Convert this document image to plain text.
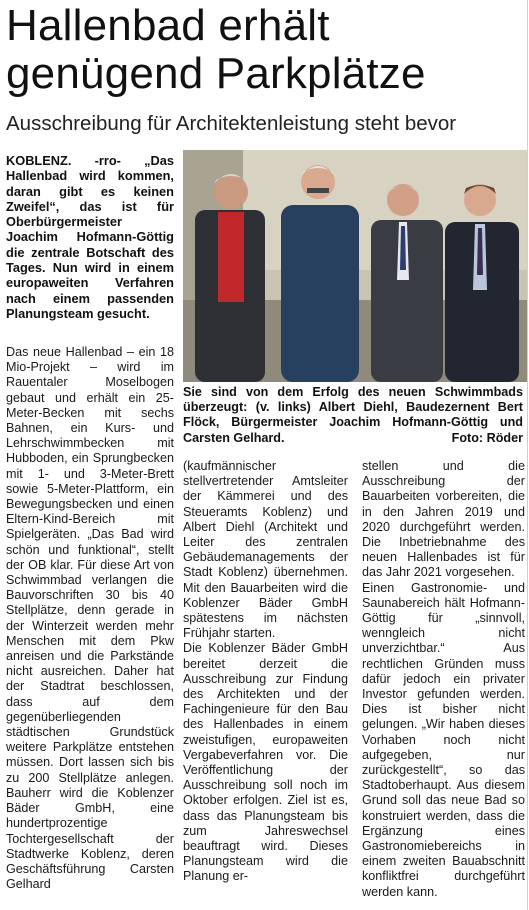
Hallenbad erhält
genügend Parkplätze

Ausschreibung für Architektenleistung steht bevor

KOBLENZ. -rro- „Das Hallenbad wird kommen, daran gibt es keinen Zweifel“, das ist für Oberbürgermeister Joachim Hofmann-Göttig die zentrale Botschaft des Tages. Nun wird in einem europaweiten Verfahren nach einem passenden Planungsteam gesucht.

Sie sind von dem Erfolg des neuen Schwimmbads überzeugt: (v. links) Albert Diehl, Baudezernent Bert Flöck, Bürgermeister Joachim Hofmann-Göttig und Carsten Gelhard.	Foto: Röder

Das neue Hallenbad – ein 18 Mio-Projekt – wird im Rauentaler Moselbogen gebaut und erhält ein 25-Meter-Becken mit sechs Bahnen, ein Kurs- und Lehrschwimmbecken mit Hubboden, ein Sprungbecken mit 1- und 3-Meter-Brett sowie 5-Meter-Plattform, ein Bewegungsbecken und einen Eltern-Kind-Bereich mit Spielgeräten. „Das Bad wird schön und funktional“, stellt der OB klar. Für diese Art von Schwimmbad verlangen die Bauvorschriften 30 bis 40 Stellplätze, denn gerade in der Winterzeit werden mehr Menschen mit dem Pkw anreisen und die Parkstände nicht ausreichen. Daher hat der Stadtrat beschlossen, dass auf dem gegenüberliegenden städtischen Grundstück weitere Parkplätze entstehen müssen. Dort lassen sich bis zu 200 Stellplätze anlegen. Bauherr wird die Koblenzer Bäder GmbH, eine hundertprozentige Tochtergesellschaft der Stadtwerke Koblenz, deren Geschäftsführung Carsten Gelhard

(kaufmännischer stellvertretender Amtsleiter der Kämmerei und des Steueramts Koblenz) und Albert Diehl (Architekt und Leiter des zentralen Gebäudemanagements der Stadt Koblenz) übernehmen. Mit den Bauarbeiten wird die Koblenzer Bäder GmbH spätestens im nächsten Frühjahr starten.

Die Koblenzer Bäder GmbH bereitet derzeit die Ausschreibung zur Findung des Architekten und der Fachingenieure für den Bau des Hallenbades in einem zweistufigen, europaweiten Vergabeverfahren vor. Die Veröffentlichung der Ausschreibung soll noch im Oktober erfolgen. Ziel ist es, dass das Planungsteam bis zum Jahreswechsel beauftragt wird. Dieses Planungsteam wird die Planung er-

stellen und die Ausschreibung der Bauarbeiten vorbereiten, die in den Jahren 2019 und 2020 durchgeführt werden. Die Inbetriebnahme des neuen Hallenbades ist für das Jahr 2021 vorgesehen.

Einen Gastronomie- und Saunabereich hält Hofmann-Göttig für „sinnvoll, wenngleich nicht unverzichtbar.“ Aus rechtlichen Gründen muss dafür jedoch ein privater Investor gefunden werden. Dies ist bisher nicht gelungen. „Wir haben dieses Vorhaben noch nicht aufgegeben, nur zurückgestellt“, so das Stadtoberhaupt. Aus diesem Grund soll das neue Bad so konstruiert werden, dass die Ergänzung eines Gastronomiebereichs in einem zweiten Bauabschnitt konfliktfrei durchgeführt werden kann.
